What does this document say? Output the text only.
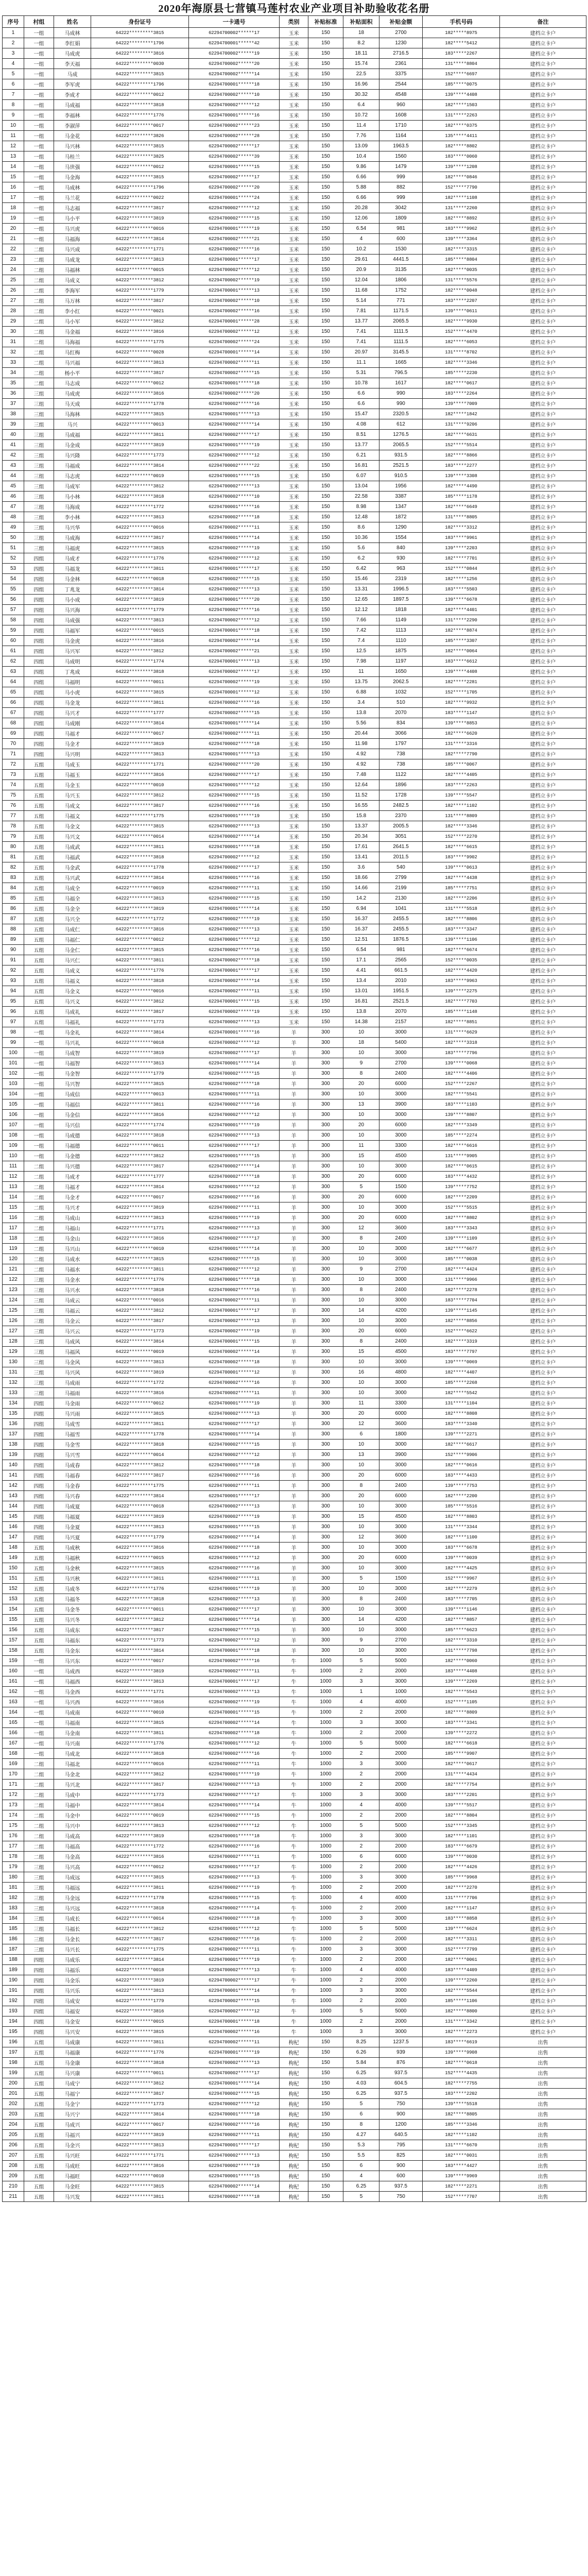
2020年海原县七营镇马莲村农业产业项目补助验收花名册
序号	村组	姓名	身份证号	一卡通号	类别	补贴标准	补贴面积	补贴金额	手机号码	备注
1	一组	马成林	64222*********3815	62294700002******17	玉米	150	18	2700	182*****8975	建档立卡户
2	一组	李红娟	64222*********1796	62294700001******42	玉米	150	8.2	1230	182*****5412	建档立卡户
3	一组	马成虎	64222*********3816	62294700002******19	玉米	150	18.11	2716.5	183*****2267	建档立卡户
4	一组	李天福	64222*********0030	62294700002******20	玉米	150	15.74	2361	131*****8804	建档立卡户
5	一组	马成	64222*********3815	62294700002******14	玉米	150	22.5	3375	152*****6697	建档立卡户
6	一组	李军虎	64222*********1796	62294700001******18	玉米	150	16.96	2544	185*****0075	建档立卡户
7	一组	李成才	64222*********0012	62294700002******10	玉米	150	30.32	4548	139*****4408	建档立卡户
8	一组	马成福	64222*********3818	62294700002******12	玉米	150	6.4	960	182*****1503	建档立卡户
9	一组	李福林	64222*********1776	62294700001******16	玉米	150	10.72	1608	131*****2263	建档立卡户
10	一组	李淑萍	64222*********0017	62294700002******23	玉米	150	11.4	1710	182*****0375	建档立卡户
11	一组	马金花	64222*********3826	62294700002******28	玉米	150	7.76	1164	135*****4411	建档立卡户
12	一组	马兴林	64222*********3815	62294700002******17	玉米	150	13.09	1963.5	182*****8802	建档立卡户
13	一组	马桂兰	64222*********3825	62294700002******39	玉米	150	10.4	1560	183*****0060	建档立卡户
14	一组	马世强	64222*********0012	62294700001******15	玉米	150	9.86	1479	139*****1208	建档立卡户
15	一组	马金海	64222*********3815	62294700002******17	玉米	150	6.66	999	182*****0846	建档立卡户
16	一组	马成林	64222*********1796	62294700002******20	玉米	150	5.88	882	152*****7790	建档立卡户
17	一组	马兰花	64222*********0022	62294700001******24	玉米	150	6.66	999	182*****1108	建档立卡户
18	一组	马志福	64222*********3817	62294700002******12	玉米	150	20.28	3042	131*****2260	建档立卡户
19	一组	马小平	64222*********3819	62294700002******15	玉米	150	12.06	1809	182*****8892	建档立卡户
20	一组	马兴虎	64222*********0016	62294700001******19	玉米	150	6.54	981	183*****9962	建档立卡户
21	一组	马福海	64222*********3814	62294700002******21	玉米	150	4	600	139*****3364	建档立卡户
22	二组	马兴成	64222*********1771	62294700002******16	玉米	150	10.2	1530	182*****3315	建档立卡户
23	二组	马成龙	64222*********3813	62294700001******17	玉米	150	29.61	4441.5	185*****8804	建档立卡户
24	二组	马福林	64222*********0015	62294700002******12	玉米	150	20.9	3135	182*****0035	建档立卡户
25	二组	马成义	64222*********3812	62294700002******19	玉米	150	12.04	1806	131*****5576	建档立卡户
26	二组	李海军	64222*********1779	62294700001******13	玉米	150	11.68	1752	182*****0048	建档立卡户
27	二组	马万林	64222*********3817	62294700002******10	玉米	150	5.14	771	183*****2207	建档立卡户
28	二组	李小红	64222*********0021	62294700002******16	玉米	150	7.81	1171.5	139*****0611	建档立卡户
29	二组	马小军	64222*********3812	62294700001******28	玉米	150	13.77	2065.5	182*****9930	建档立卡户
30	二组	马金福	64222*********3816	62294700002******12	玉米	150	7.41	1111.5	152*****4470	建档立卡户
31	二组	马海福	64222*********1775	62294700002******24	玉米	150	7.41	1111.5	182*****6053	建档立卡户
32	二组	马红梅	64222*********0028	62294700001******14	玉米	150	20.97	3145.5	131*****8702	建档立卡户
33	二组	马兴福	64222*********3813	62294700002******11	玉米	150	11.1	1665	182*****3346	建档立卡户
34	二组	杨小平	64222*********3817	62294700002******15	玉米	150	5.31	796.5	185*****2230	建档立卡户
35	二组	马志成	64222*********0012	62294700001******18	玉米	150	10.78	1617	182*****0617	建档立卡户
36	三组	马成虎	64222*********3816	62294700002******20	玉米	150	6.6	990	183*****2264	建档立卡户
37	三组	马天成	64222*********1778	62294700002******16	玉米	150	6.6	990	139*****7009	建档立卡户
38	三组	马海林	64222*********3815	62294700001******13	玉米	150	15.47	2320.5	182*****1842	建档立卡户
39	三组	马兴	64222*********0013	62294700002******14	玉米	150	4.08	612	131*****9206	建档立卡户
40	三组	马成福	64222*********3811	62294700002******17	玉米	150	8.51	1276.5	182*****6631	建档立卡户
41	三组	马金成	64222*********3819	62294700001******19	玉米	150	13.77	2065.5	152*****5514	建档立卡户
42	三组	马兴隆	64222*********1773	62294700002******12	玉米	150	6.21	931.5	182*****8866	建档立卡户
43	三组	马福成	64222*********3814	62294700002******22	玉米	150	16.81	2521.5	183*****2277	建档立卡户
44	三组	马志虎	64222*********0019	62294700001******15	玉米	150	6.07	910.5	139*****3308	建档立卡户
45	三组	马成军	64222*********3812	62294700002******13	玉米	150	13.04	1956	182*****4490	建档立卡户
46	三组	马小林	64222*********3818	62294700002******10	玉米	150	22.58	3387	185*****1178	建档立卡户
47	三组	马海成	64222*********1772	62294700001******16	玉米	150	8.98	1347	182*****6649	建档立卡户
48	三组	李小林	64222*********3813	62294700002******18	玉米	150	12.48	1872	131*****8805	建档立卡户
49	三组	马兴华	64222*********0016	62294700002******11	玉米	150	8.6	1290	182*****3312	建档立卡户
50	三组	马成海	64222*********3817	62294700001******14	玉米	150	10.36	1554	183*****9961	建档立卡户
51	三组	马福虎	64222*********3815	62294700002******19	玉米	150	5.6	840	139*****2203	建档立卡户
52	四组	马成才	64222*********1776	62294700002******12	玉米	150	6.2	930	182*****7701	建档立卡户
53	四组	马福龙	64222*********3811	62294700001******17	玉米	150	6.42	963	152*****0844	建档立卡户
54	四组	马金林	64222*********0018	62294700002******15	玉米	150	15.46	2319	182*****1256	建档立卡户
55	四组	丁兆龙	64222*********3814	62294700002******13	玉米	150	13.31	1996.5	183*****5503	建档立卡户
56	四组	马小成	64222*********3819	62294700001******20	玉米	150	12.65	1897.5	139*****6678	建档立卡户
57	四组	马兴海	64222*********1779	62294700002******16	玉米	150	12.12	1818	182*****4401	建档立卡户
58	四组	马成强	64222*********3813	62294700002******12	玉米	150	7.66	1149	131*****2290	建档立卡户
59	四组	马福军	64222*********0015	62294700001******18	玉米	150	7.42	1113	182*****8874	建档立卡户
60	四组	马金虎	64222*********3816	62294700002******14	玉米	150	7.4	1110	185*****3307	建档立卡户
61	四组	马兴军	64222*********3812	62294700002******21	玉米	150	12.5	1875	182*****0064	建档立卡户
62	四组	马成明	64222*********1774	62294700001******13	玉米	150	7.98	1197	183*****6612	建档立卡户
63	四组	丁兆成	64222*********3818	62294700002******17	玉米	150	11	1650	139*****4408	建档立卡户
64	四组	马福明	64222*********0011	62294700002******19	玉米	150	13.75	2062.5	182*****2281	建档立卡户
65	四组	马小虎	64222*********3815	62294700001******12	玉米	150	6.88	1032	152*****1705	建档立卡户
66	四组	马金龙	64222*********3811	62294700002******16	玉米	150	3.4	510	182*****9932	建档立卡户
67	四组	马兴才	64222*********1777	62294700002******15	玉米	150	13.8	2070	183*****1147	建档立卡户
68	四组	马成刚	64222*********3814	62294700001******14	玉米	150	5.56	834	139*****8853	建档立卡户
69	四组	马福才	64222*********0017	62294700002******11	玉米	150	20.44	3066	182*****6620	建档立卡户
70	四组	马金才	64222*********3819	62294700002******18	玉米	150	11.98	1797	131*****3316	建档立卡户
71	四组	马兴明	64222*********3813	62294700001******13	玉米	150	4.92	738	182*****7790	建档立卡户
72	五组	马成玉	64222*********1771	62294700002******20	玉米	150	4.92	738	185*****0067	建档立卡户
73	五组	马福玉	64222*********3816	62294700002******17	玉米	150	7.48	1122	182*****4405	建档立卡户
74	五组	马金玉	64222*********0010	62294700001******12	玉米	150	12.64	1896	183*****2263	建档立卡户
75	五组	马兴玉	64222*********3812	62294700002******15	玉米	150	11.52	1728	139*****5547	建档立卡户
76	五组	马成文	64222*********3817	62294700002******16	玉米	150	16.55	2482.5	182*****1102	建档立卡户
77	五组	马福文	64222*********1775	62294700001******19	玉米	150	15.8	2370	131*****8809	建档立卡户
78	五组	马金文	64222*********3815	62294700002******13	玉米	150	13.37	2005.5	182*****3346	建档立卡户
79	五组	马兴文	64222*********0014	62294700002******14	玉米	150	20.34	3051	152*****2270	建档立卡户
80	五组	马成武	64222*********3811	62294700001******18	玉米	150	17.61	2641.5	182*****6615	建档立卡户
81	五组	马福武	64222*********3818	62294700002******12	玉米	150	13.41	2011.5	183*****9902	建档立卡户
82	五组	马金武	64222*********1778	62294700002******17	玉米	150	3.6	540	139*****0613	建档立卡户
83	五组	马兴武	64222*********3814	62294700001******16	玉米	150	18.66	2799	182*****4438	建档立卡户
84	五组	马成全	64222*********0019	62294700002******11	玉米	150	14.66	2199	185*****7751	建档立卡户
85	五组	马福全	64222*********3813	62294700002******15	玉米	150	14.2	2130	182*****2206	建档立卡户
86	五组	马金全	64222*********3819	62294700001******14	玉米	150	6.94	1041	131*****5518	建档立卡户
87	五组	马兴全	64222*********1772	62294700002******19	玉米	150	16.37	2455.5	182*****8806	建档立卡户
88	五组	马成仁	64222*********3816	62294700002******13	玉米	150	16.37	2455.5	183*****3347	建档立卡户
89	五组	马福仁	64222*********0012	62294700001******12	玉米	150	12.51	1876.5	139*****1106	建档立卡户
90	五组	马金仁	64222*********3815	62294700002******16	玉米	150	6.54	981	182*****6674	建档立卡户
91	五组	马兴仁	64222*********3811	62294700002******18	玉米	150	17.1	2565	152*****0035	建档立卡户
92	五组	马成义	64222*********1776	62294700001******17	玉米	150	4.41	661.5	182*****4420	建档立卡户
93	五组	马福义	64222*********3818	62294700002******14	玉米	150	13.4	2010	183*****9963	建档立卡户
94	五组	马金义	64222*********0016	62294700002******11	玉米	150	13.01	1951.5	139*****2275	建档立卡户
95	五组	马兴义	64222*********3812	62294700001******15	玉米	150	16.81	2521.5	182*****7703	建档立卡户
96	五组	马成礼	64222*********3817	62294700002******19	玉米	150	13.8	2070	185*****1148	建档立卡户
97	五组	马福礼	64222*********1773	62294700002******13	玉米	150	14.38	2157	182*****8851	建档立卡户
98	一组	马金礼	64222*********3814	62294700001******16	羊	300	10	3000	131*****6629	建档立卡户
99	一组	马兴礼	64222*********0018	62294700002******12	羊	300	18	5400	182*****3318	建档立卡户
100	一组	马成智	64222*********3819	62294700002******17	羊	300	10	3000	183*****7796	建档立卡户
101	一组	马福智	64222*********3813	62294700001******14	羊	300	9	2700	139*****0068	建档立卡户
102	一组	马金智	64222*********1779	62294700002******15	羊	300	8	2400	182*****4406	建档立卡户
103	一组	马兴智	64222*********3815	62294700002******18	羊	300	20	6000	152*****2267	建档立卡户
104	一组	马成信	64222*********0013	62294700001******11	羊	300	10	3000	182*****5541	建档立卡户
105	一组	马福信	64222*********3811	62294700002******16	羊	300	13	3900	183*****1103	建档立卡户
106	一组	马金信	64222*********3816	62294700002******12	羊	300	10	3000	139*****8807	建档立卡户
107	一组	马兴信	64222*********1774	62294700001******19	羊	300	20	6000	182*****3349	建档立卡户
108	一组	马成德	64222*********3818	62294700002******13	羊	300	10	3000	185*****2274	建档立卡户
109	一组	马福德	64222*********0011	62294700002******17	羊	300	11	3300	182*****6616	建档立卡户
110	一组	马金德	64222*********3812	62294700001******15	羊	300	15	4500	131*****9905	建档立卡户
111	二组	马兴德	64222*********3817	62294700002******14	羊	300	10	3000	182*****0615	建档立卡户
112	二组	马成才	64222*********1777	62294700002******18	羊	300	20	6000	183*****4432	建档立卡户
113	二组	马福才	64222*********3814	62294700001******12	羊	300	5	1500	139*****7752	建档立卡户
114	二组	马金才	64222*********0017	62294700002******16	羊	300	20	6000	182*****2209	建档立卡户
115	二组	马兴才	64222*********3819	62294700002******11	羊	300	10	3000	152*****5515	建档立卡户
116	二组	马成山	64222*********3813	62294700001******19	羊	300	20	6000	182*****8802	建档立卡户
117	二组	马福山	64222*********1771	62294700002******13	羊	300	12	3600	183*****3343	建档立卡户
118	二组	马金山	64222*********3816	62294700002******17	羊	300	8	2400	139*****1109	建档立卡户
119	二组	马兴山	64222*********0010	62294700001******14	羊	300	10	3000	182*****6677	建档立卡户
120	二组	马成水	64222*********3815	62294700002******15	羊	300	10	3000	185*****0038	建档立卡户
121	二组	马福水	64222*********3811	62294700002******12	羊	300	9	2700	182*****4424	建档立卡户
122	三组	马金水	64222*********1776	62294700001******18	羊	300	10	3000	131*****9966	建档立卡户
123	三组	马兴水	64222*********3818	62294700002******16	羊	300	8	2400	182*****2278	建档立卡户
124	三组	马成云	64222*********0016	62294700002******11	羊	300	10	3000	183*****7704	建档立卡户
125	三组	马福云	64222*********3812	62294700001******17	羊	300	14	4200	139*****1145	建档立卡户
126	三组	马金云	64222*********3817	62294700002******13	羊	300	10	3000	182*****8856	建档立卡户
127	三组	马兴云	64222*********1773	62294700002******19	羊	300	20	6000	152*****6622	建档立卡户
128	三组	马成风	64222*********3814	62294700001******15	羊	300	8	2400	182*****3319	建档立卡户
129	三组	马福风	64222*********0019	62294700002******14	羊	300	15	4500	183*****7797	建档立卡户
130	三组	马金风	64222*********3813	62294700002******18	羊	300	10	3000	139*****0069	建档立卡户
131	三组	马兴风	64222*********3819	62294700001******12	羊	300	16	4800	182*****4407	建档立卡户
132	三组	马成雨	64222*********1772	62294700002******16	羊	300	10	3000	185*****2268	建档立卡户
133	三组	马福雨	64222*********3816	62294700002******11	羊	300	10	3000	182*****5542	建档立卡户
134	四组	马金雨	64222*********0012	62294700001******19	羊	300	11	3300	131*****1104	建档立卡户
135	四组	马兴雨	64222*********3815	62294700002******13	羊	300	20	6000	182*****8808	建档立卡户
136	四组	马成雪	64222*********3811	62294700002******17	羊	300	12	3600	183*****3340	建档立卡户
137	四组	马福雪	64222*********1778	62294700001******14	羊	300	6	1800	139*****2271	建档立卡户
138	四组	马金雪	64222*********3818	62294700002******15	羊	300	10	3000	182*****6617	建档立卡户
139	四组	马兴雪	64222*********0014	62294700002******12	羊	300	13	3900	152*****9906	建档立卡户
140	四组	马成春	64222*********3812	62294700001******18	羊	300	10	3000	182*****0616	建档立卡户
141	四组	马福春	64222*********3817	62294700002******16	羊	300	20	6000	183*****4433	建档立卡户
142	四组	马金春	64222*********1775	62294700002******11	羊	300	8	2400	139*****7753	建档立卡户
143	四组	马兴春	64222*********3814	62294700001******17	羊	300	20	6000	182*****2200	建档立卡户
144	四组	马成夏	64222*********0018	62294700002******13	羊	300	10	3000	185*****5516	建档立卡户
145	四组	马福夏	64222*********3819	62294700002******19	羊	300	15	4500	182*****8803	建档立卡户
146	四组	马金夏	64222*********3813	62294700001******15	羊	300	10	3000	131*****3344	建档立卡户
147	四组	马兴夏	64222*********1779	62294700002******14	羊	300	12	3600	182*****1100	建档立卡户
148	五组	马成秋	64222*********3816	62294700002******18	羊	300	10	3000	183*****6678	建档立卡户
149	五组	马福秋	64222*********0015	62294700001******12	羊	300	20	6000	139*****0039	建档立卡户
150	五组	马金秋	64222*********3815	62294700002******16	羊	300	10	3000	182*****4425	建档立卡户
151	五组	马兴秋	64222*********3811	62294700002******11	羊	300	5	1500	152*****9967	建档立卡户
152	五组	马成冬	64222*********1776	62294700001******19	羊	300	10	3000	182*****2279	建档立卡户
153	五组	马福冬	64222*********3818	62294700002******13	羊	300	8	2400	183*****7705	建档立卡户
154	五组	马金冬	64222*********0011	62294700002******17	羊	300	10	3000	139*****1146	建档立卡户
155	五组	马兴冬	64222*********3812	62294700001******14	羊	300	14	4200	182*****8857	建档立卡户
156	五组	马成东	64222*********3817	62294700002******15	羊	300	10	3000	185*****6623	建档立卡户
157	五组	马福东	64222*********1773	62294700002******12	羊	300	9	2700	182*****3310	建档立卡户
158	五组	马金东	64222*********3814	62294700001******18	羊	300	10	3000	131*****7798	建档立卡户
159	一组	马兴东	64222*********0017	62294700002******16	牛	1000	5	5000	182*****0060	建档立卡户
160	一组	马成西	64222*********3819	62294700002******11	牛	1000	2	2000	183*****4408	建档立卡户
161	一组	马福西	64222*********3813	62294700001******17	牛	1000	3	3000	139*****2269	建档立卡户
162	一组	马金西	64222*********1771	62294700002******13	牛	1000	1	1000	182*****5543	建档立卡户
163	一组	马兴西	64222*********3816	62294700002******19	牛	1000	4	4000	152*****1105	建档立卡户
164	一组	马成南	64222*********0010	62294700001******15	牛	1000	2	2000	182*****8809	建档立卡户
165	一组	马福南	64222*********3815	62294700002******14	牛	1000	3	3000	183*****3341	建档立卡户
166	一组	马金南	64222*********3811	62294700002******18	牛	1000	2	2000	139*****2272	建档立卡户
167	一组	马兴南	64222*********1776	62294700001******12	牛	1000	5	5000	182*****6618	建档立卡户
168	一组	马成北	64222*********3818	62294700002******16	牛	1000	2	2000	185*****9907	建档立卡户
169	二组	马福北	64222*********0016	62294700002******11	牛	1000	3	3000	182*****0617	建档立卡户
170	二组	马金北	64222*********3812	62294700001******19	牛	1000	2	2000	131*****4434	建档立卡户
171	二组	马兴北	64222*********3817	62294700002******13	牛	1000	2	2000	182*****7754	建档立卡户
172	二组	马成中	64222*********1773	62294700002******17	牛	1000	3	3000	183*****2201	建档立卡户
173	二组	马福中	64222*********3814	62294700001******14	牛	1000	4	4000	139*****5517	建档立卡户
174	二组	马金中	64222*********0019	62294700002******15	牛	1000	2	2000	182*****8804	建档立卡户
175	二组	马兴中	64222*********3813	62294700002******12	牛	1000	5	5000	152*****3345	建档立卡户
176	二组	马成高	64222*********3819	62294700001******18	牛	1000	3	3000	182*****1101	建档立卡户
177	二组	马福高	64222*********1772	62294700002******16	牛	1000	2	2000	183*****6679	建档立卡户
178	二组	马金高	64222*********3816	62294700002******11	牛	1000	6	6000	139*****0030	建档立卡户
179	三组	马兴高	64222*********0012	62294700001******17	牛	1000	2	2000	182*****4426	建档立卡户
180	三组	马成远	64222*********3815	62294700002******13	牛	1000	3	3000	185*****9968	建档立卡户
181	三组	马福远	64222*********3811	62294700002******19	牛	1000	2	2000	182*****2270	建档立卡户
182	三组	马金远	64222*********1778	62294700001******15	牛	1000	4	4000	131*****7706	建档立卡户
183	三组	马兴远	64222*********3818	62294700002******14	牛	1000	2	2000	182*****1147	建档立卡户
184	三组	马成长	64222*********0014	62294700002******18	牛	1000	3	3000	183*****8858	建档立卡户
185	三组	马福长	64222*********3812	62294700001******12	牛	1000	5	5000	139*****6624	建档立卡户
186	三组	马金长	64222*********3817	62294700002******16	牛	1000	2	2000	182*****3311	建档立卡户
187	三组	马兴长	64222*********1775	62294700002******11	牛	1000	3	3000	152*****7799	建档立卡户
188	四组	马成乐	64222*********3814	62294700001******19	牛	1000	2	2000	182*****0061	建档立卡户
189	四组	马福乐	64222*********0018	62294700002******13	牛	1000	4	4000	183*****4409	建档立卡户
190	四组	马金乐	64222*********3819	62294700002******17	牛	1000	2	2000	139*****2260	建档立卡户
191	四组	马兴乐	64222*********3813	62294700001******14	牛	1000	3	3000	182*****5544	建档立卡户
192	四组	马成安	64222*********1779	62294700002******15	牛	1000	2	2000	185*****1106	建档立卡户
193	四组	马福安	64222*********3816	62294700002******12	牛	1000	5	5000	182*****8800	建档立卡户
194	四组	马金安	64222*********0015	62294700001******18	牛	1000	2	2000	131*****3342	建档立卡户
195	四组	马兴安	64222*********3815	62294700002******16	牛	1000	3	3000	182*****2273	建档立卡户
196	五组	马成康	64222*********3811	62294700002******11	枸杞	150	8.25	1237.5	183*****6619	出售
197	五组	马福康	64222*********1776	62294700001******19	枸杞	150	6.26	939	139*****9908	出售
198	五组	马金康	64222*********3818	62294700002******13	枸杞	150	5.84	876	182*****0618	出售
199	五组	马兴康	64222*********0011	62294700002******17	枸杞	150	6.25	937.5	152*****4435	出售
200	五组	马成宁	64222*********3812	62294700001******14	枸杞	150	4.03	604.5	182*****7755	出售
201	五组	马福宁	64222*********3817	62294700002******15	枸杞	150	6.25	937.5	183*****2202	出售
202	五组	马金宁	64222*********1773	62294700002******12	枸杞	150	5	750	139*****5518	出售
203	五组	马兴宁	64222*********3814	62294700001******18	枸杞	150	6	900	182*****8805	出售
204	五组	马成兴	64222*********0017	62294700002******16	枸杞	150	8	1200	185*****3346	出售
205	五组	马福兴	64222*********3819	62294700002******11	枸杞	150	4.27	640.5	182*****1102	出售
206	五组	马金兴	64222*********3813	62294700001******17	枸杞	150	5.3	795	131*****6670	出售
207	五组	马兴旺	64222*********1771	62294700002******13	枸杞	150	5.5	825	182*****0031	出售
208	五组	马成旺	64222*********3816	62294700002******19	枸杞	150	6	900	183*****4427	出售
209	五组	马福旺	64222*********0010	62294700001******15	枸杞	150	4	600	139*****9969	出售
210	五组	马金旺	64222*********3815	62294700002******14	枸杞	150	6.25	937.5	182*****2271	出售
211	五组	马兴发	64222*********3811	62294700002******18	枸杞	150	5	750	152*****7707	出售
